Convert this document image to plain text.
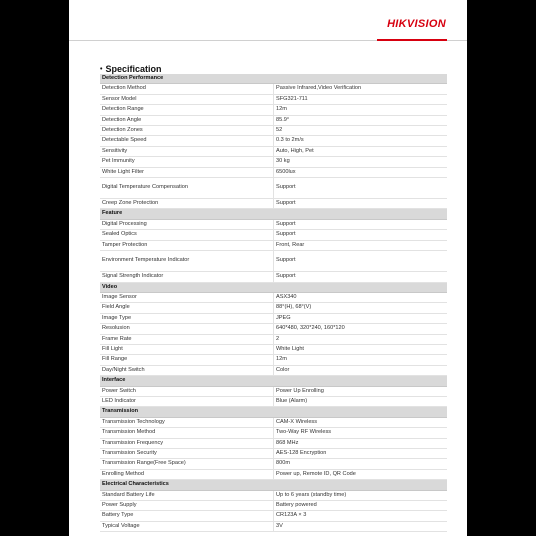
HIKVISION
• Specification
Detection Performance	
Detection Method	Passive Infrared,Video Verification
Sensor Model	SFG321-711
Detection Range	12m
Detection Angle	85.9°
Detection Zones	52
Detectable Speed	0.3 to 2m/s
Sensitivity	Auto, High, Pet
Pet Immunity	30 kg
White Light Filter	6500lux
Digital Temperature Compensation	Support
Creep Zone Protection	Support
Feature	
Digital Processing	Support
Sealed Optics	Support
Tamper Protection	Front, Rear
Environment Temperature Indicator	Support
Signal Strength Indicator	Support
Video	
Image Sensor	ASX340
Field Angle	88°(H), 68°(V)
Image Type	JPEG
Resolusion	640*480, 320*240, 160*120
Frame Rate	2
Fill Light	White Light
Fill Range	12m
Day/Night Switch	Color
Interface	
Power Switch	Power Up Enrolling
LED Indicator	Blue (Alarm)
Transmission	
Transmission Technology	CAM-X Wireless
Transmission Method	Two-Way RF Wireless
Transmission Frequency	868 MHz
Transmission Security	AES-128 Encryption
Transmission Range(Free Space)	800m
Enrolling Method	Power up, Remote ID, QR Code
Electrical Characteristics	
Standard Battery Life	Up to 6 years (standby time)
Power Supply	Battery powered
Battery Type	CR123A × 3
Typical Voltage	3V
